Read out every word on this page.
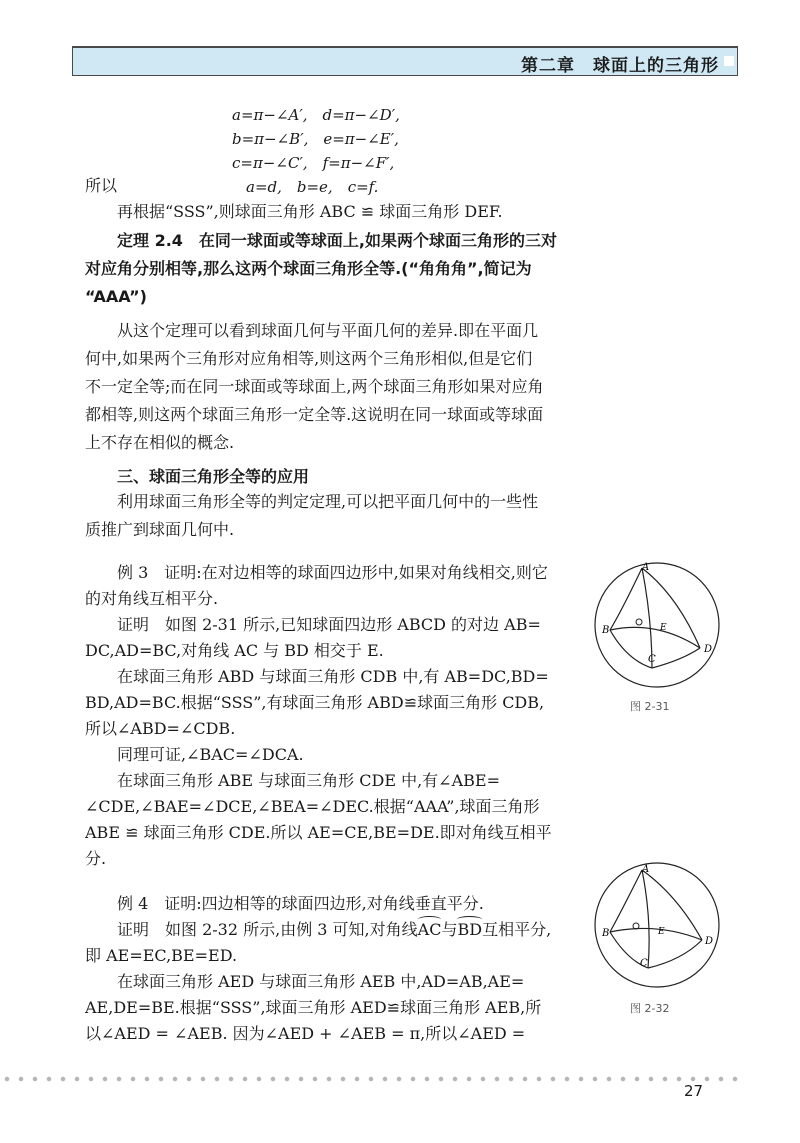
第二章　球面上的三角形
a=π−∠A′,　d=π−∠D′,
b=π−∠B′,　e=π−∠E′,
c=π−∠C′,　f=π−∠F′,
所以	a=d,　b=e,　c=f.
再根据“SSS”,则球面三角形 ABC ≌ 球面三角形 DEF.
定理 2.4　在同一球面或等球面上,如果两个球面三角形的三对
对应角分别相等,那么这两个球面三角形全等.(“角角角”,简记为
“AAA”)
从这个定理可以看到球面几何与平面几何的差异.即在平面几
何中,如果两个三角形对应角相等,则这两个三角形相似,但是它们
不一定全等;而在同一球面或等球面上,两个球面三角形如果对应角
都相等,则这两个球面三角形一定全等.这说明在同一球面或等球面
上不存在相似的概念.
三、球面三角形全等的应用
利用球面三角形全等的判定定理,可以把平面几何中的一些性
质推广到球面几何中.
例 3　证明:在对边相等的球面四边形中,如果对角线相交,则它
的对角线互相平分.
证明　如图 2-31 所示,已知球面四边形 ABCD 的对边 AB=
DC,AD=BC,对角线 AC 与 BD 相交于 E.
在球面三角形 ABD 与球面三角形 CDB 中,有 AB=DC,BD=
BD,AD=BC.根据“SSS”,有球面三角形 ABD≌球面三角形 CDB,
所以∠ABD=∠CDB.
同理可证,∠BAC=∠DCA.
在球面三角形 ABE 与球面三角形 CDE 中,有∠ABE=
∠CDE,∠BAE=∠DCE,∠BEA=∠DEC.根据“AAA”,球面三角形
ABE ≌ 球面三角形 CDE.所以 AE=CE,BE=DE.即对角线互相平
分.
例 4　证明:四边相等的球面四边形,对角线垂直平分.
证明　如图 2-32 所示,由例 3 可知,对角线AC与BD互相平分,
即 AE=EC,BE=ED.
在球面三角形 AED 与球面三角形 AEB 中,AD=AB,AE=
AE,DE=BE.根据“SSS”,球面三角形 AED≌球面三角形 AEB,所
以∠AED = ∠AEB. 因为∠AED + ∠AEB = π,所以∠AED =
A
B
D
E
C
图 2-31
A
B
D
E
C
图 2-32
27
